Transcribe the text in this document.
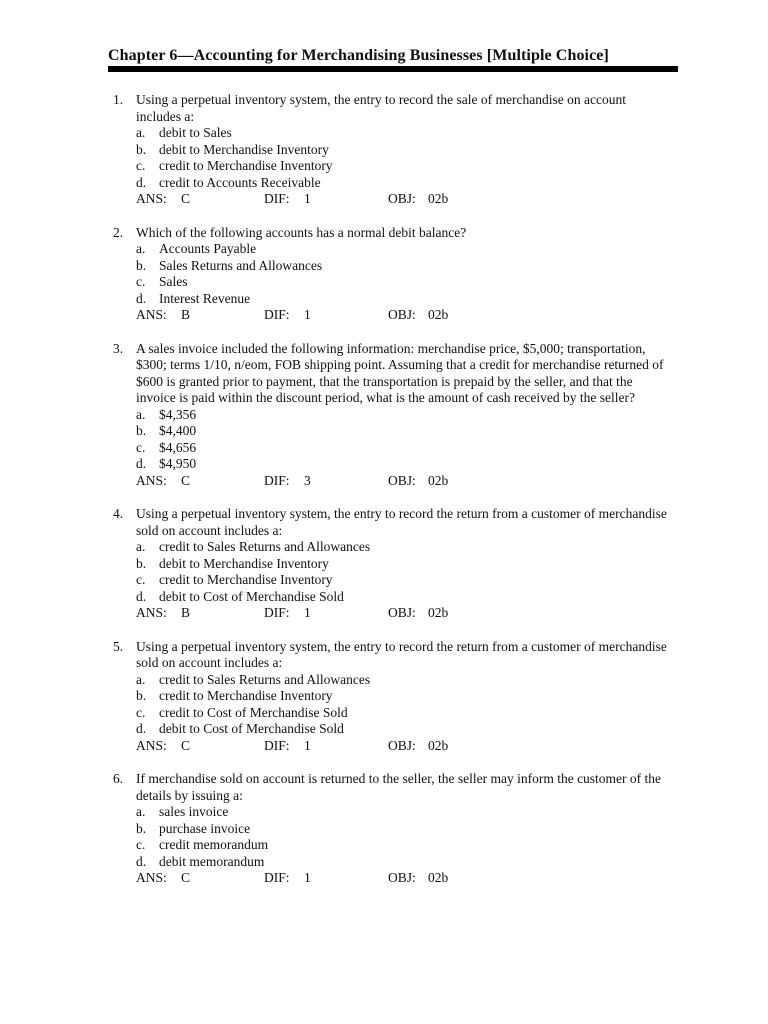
Chapter 6—Accounting for Merchandising Businesses [Multiple Choice]
1. Using a perpetual inventory system, the entry to record the sale of merchandise on account includes a:
a. debit to Sales
b. debit to Merchandise Inventory
c. credit to Merchandise Inventory
d. credit to Accounts Receivable
ANS: C	DIF: 1	OBJ: 02b
2. Which of the following accounts has a normal debit balance?
a. Accounts Payable
b. Sales Returns and Allowances
c. Sales
d. Interest Revenue
ANS: B	DIF: 1	OBJ: 02b
3. A sales invoice included the following information: merchandise price, $5,000; transportation, $300; terms 1/10, n/eom, FOB shipping point. Assuming that a credit for merchandise returned of $600 is granted prior to payment, that the transportation is prepaid by the seller, and that the invoice is paid within the discount period, what is the amount of cash received by the seller?
a. $4,356
b. $4,400
c. $4,656
d. $4,950
ANS: C	DIF: 3	OBJ: 02b
4. Using a perpetual inventory system, the entry to record the return from a customer of merchandise sold on account includes a:
a. credit to Sales Returns and Allowances
b. debit to Merchandise Inventory
c. credit to Merchandise Inventory
d. debit to Cost of Merchandise Sold
ANS: B	DIF: 1	OBJ: 02b
5. Using a perpetual inventory system, the entry to record the return from a customer of merchandise sold on account includes a:
a. credit to Sales Returns and Allowances
b. credit to Merchandise Inventory
c. credit to Cost of Merchandise Sold
d. debit to Cost of Merchandise Sold
ANS: C	DIF: 1	OBJ: 02b
6. If merchandise sold on account is returned to the seller, the seller may inform the customer of the details by issuing a:
a. sales invoice
b. purchase invoice
c. credit memorandum
d. debit memorandum
ANS: C	DIF: 1	OBJ: 02b
